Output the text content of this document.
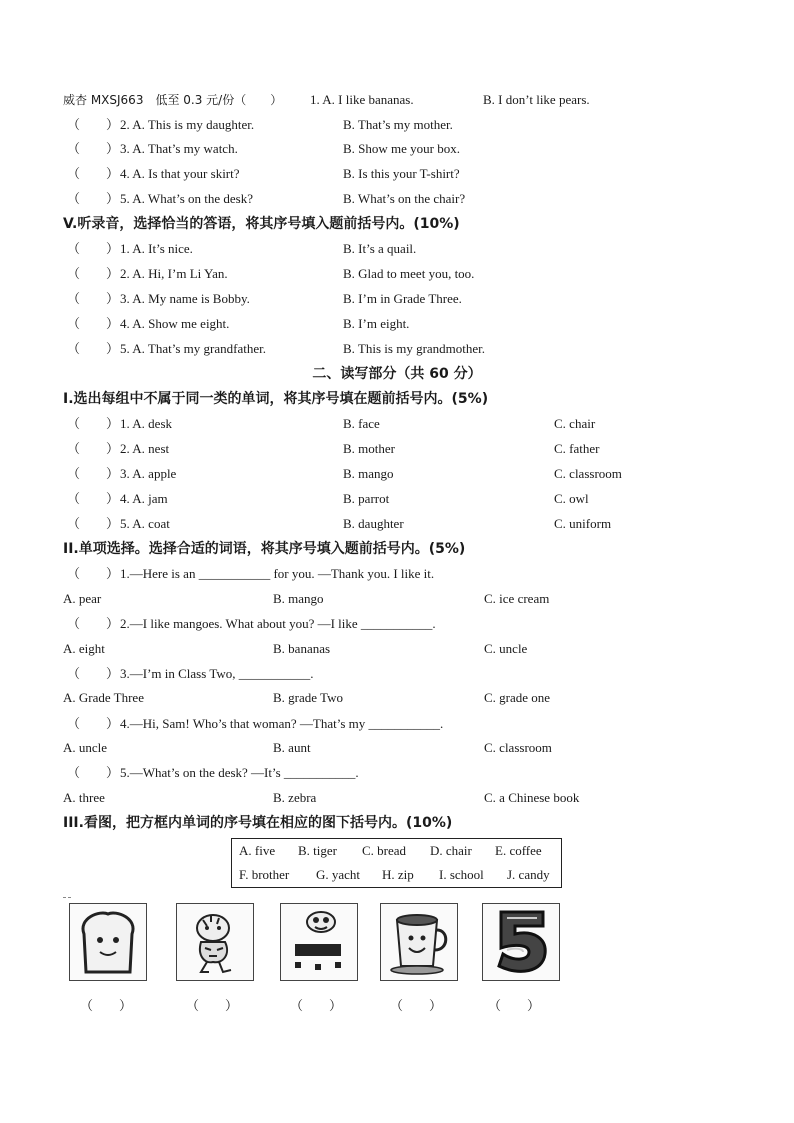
威杏 MXSJ663　低至 0.3 元/份（　　） 1. A. I like bananas.	B. I don’t like pears.
（　　） 2. A. This is my daughter.	B. That’s my mother.
（　　） 3. A. That’s my watch.	B. Show me your box.
（　　） 4. A. Is that your skirt?	B. Is this your T-shirt?
（　　） 5. A. What’s on the desk?	B. What’s on the chair?
V.听录音，选择恰当的答语，将其序号填入题前括号内。(10%)
（　　） 1. A. It’s nice.	B. It’s a quail.
（　　） 2. A. Hi, I’m Li Yan.	B. Glad to meet you, too.
（　　） 3. A. My name is Bobby.	B. I’m in Grade Three.
（　　） 4. A. Show me eight.	B. I’m eight.
（　　） 5. A. That’s my grandfather.	B. This is my grandmother.
二、读写部分（共 60 分）
I.选出每组中不属于同一类的单词，将其序号填在题前括号内。(5%)
（　　） 1. A. desk	B. face	C. chair
（　　） 2. A. nest	B. mother	C. father
（　　） 3. A. apple	B. mango	C. classroom
（　　） 4. A. jam	B. parrot	C. owl
（　　） 5. A. coat	B. daughter	C. uniform
II.单项选择。选择合适的词语，将其序号填入题前括号内。(5%)
（　　） 1.—Here is an ___________ for you. —Thank you. I like it.
A. pear	B. mango	C. ice cream
（　　） 2.—I like mangoes. What about you? —I like ___________.
A. eight	B. bananas	C. uncle
（　　） 3.—I’m in Class Two, ___________.
A. Grade Three	B. grade Two	C. grade one
（　　） 4.—Hi, Sam! Who’s that woman? —That’s my ___________.
A. uncle	B. aunt	C. classroom
（　　） 5.—What’s on the desk? —It’s ___________.
A. three	B. zebra	C. a Chinese book
III.看图，把方框内单词的序号填在相应的图下括号内。(10%)
A. five B. tiger C. bread D. chair E. coffee
F. brother G. yacht H. zip I. school J. candy
（　　）	（　　）	（　　）	（　　）	（　　）
